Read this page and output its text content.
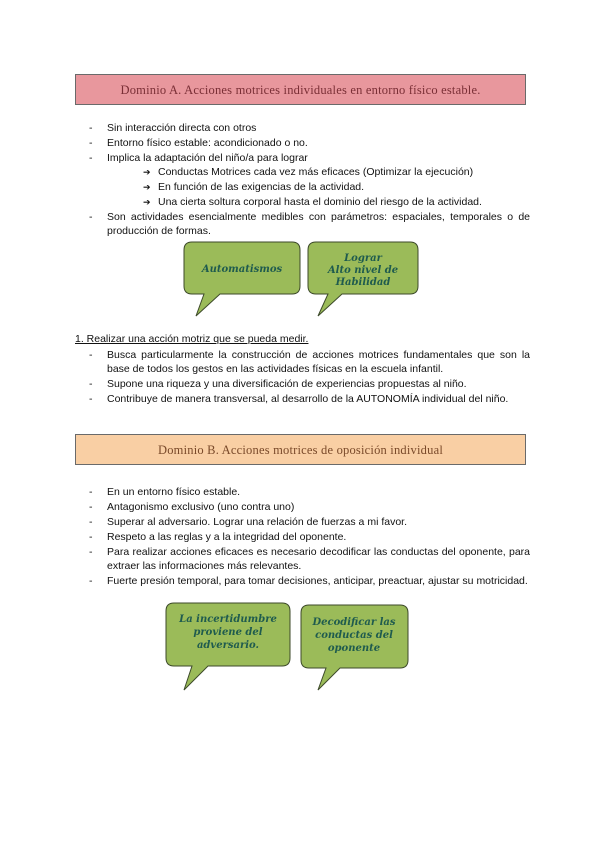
Dominio A. Acciones motrices individuales en entorno físico estable.
- Sin interacción directa con otros
- Entorno físico estable: acondicionado o no.
- Implica la adaptación del niño/a para lograr
➔ Conductas Motrices cada vez más eficaces (Optimizar la ejecución)
➔ En función de las exigencias de la actividad.
➔ Una cierta soltura corporal hasta el dominio del riesgo de la actividad.
- Son actividades esencialmente medibles con parámetros: espaciales, temporales o de producción de formas.
1. Realizar una acción motriz que se pueda medir.
- Busca particularmente la construcción de acciones motrices fundamentales que son la base de todos los gestos en las actividades físicas en la escuela infantil.
- Supone una riqueza y una diversificación de experiencias propuestas al niño.
- Contribuye de manera transversal, al desarrollo de la AUTONOMÍA individual del niño.
Dominio B. Acciones motrices de oposición individual
- En un entorno físico estable.
- Antagonismo exclusivo (uno contra uno)
- Superar al adversario. Lograr una relación de fuerzas a mi favor.
- Respeto a las reglas y a la integridad del oponente.
- Para realizar acciones eficaces es necesario decodificar las conductas del oponente, para extraer las informaciones más relevantes.
- Fuerte presión temporal, para tomar decisiones, anticipar, preactuar, ajustar su motricidad.
Automatismos
Lograr
Alto nivel de
Habilidad
La incertidumbre
proviene del
adversario.
Decodificar las
conductas del
oponente
